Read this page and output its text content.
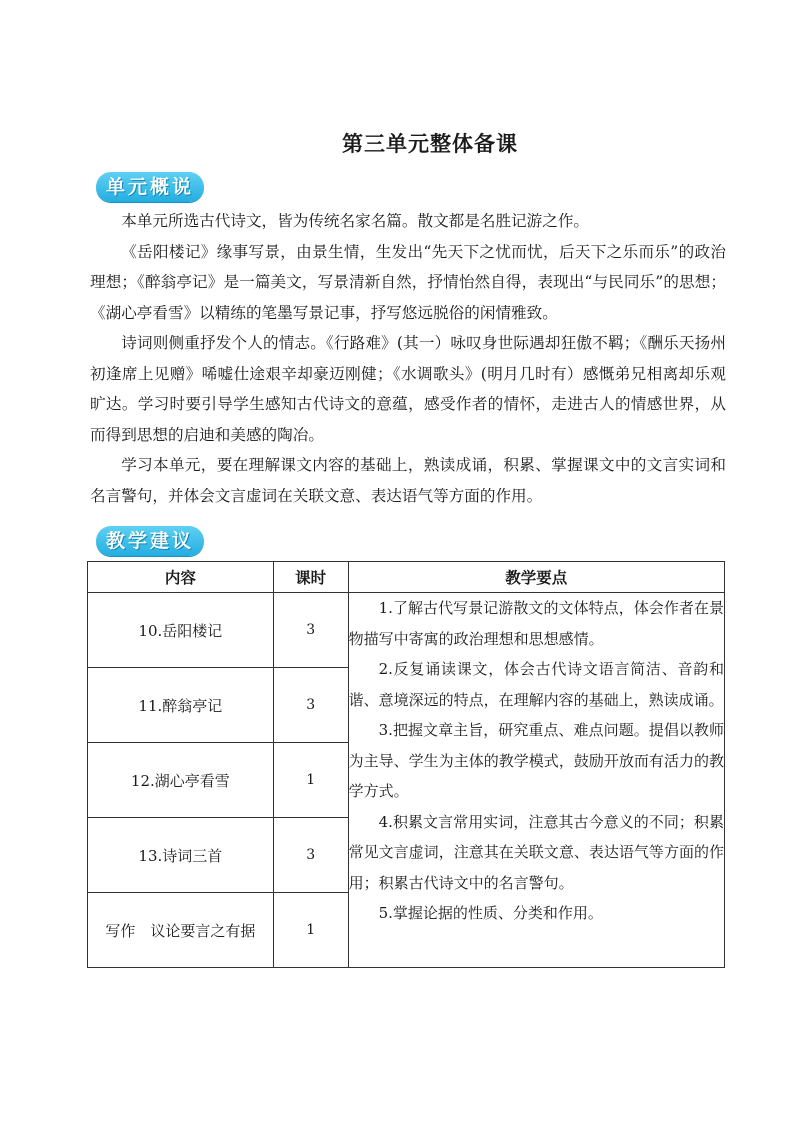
第三单元整体备课
单元概说

本单元所选古代诗文，皆为传统名家名篇。散文都是名胜记游之作。

《岳阳楼记》缘事写景，由景生情，生发出“先天下之忧而忧，后天下之乐而乐”的政治理想；《醉翁亭记》是一篇美文，写景清新自然，抒情怡然自得，表现出“与民同乐”的思想；《湖心亭看雪》以精练的笔墨写景记事，抒写悠远脱俗的闲情雅致。

诗词则侧重抒发个人的情志。《行路难》(其一）咏叹身世际遇却狂傲不羁；《酬乐天扬州初逢席上见赠》唏嘘仕途艰辛却豪迈刚健；《水调歌头》(明月几时有）感慨弟兄相离却乐观旷达。学习时要引导学生感知古代诗文的意蕴，感受作者的情怀，走进古人的情感世界，从而得到思想的启迪和美感的陶冶。

学习本单元，要在理解课文内容的基础上，熟读成诵，积累、掌握课文中的文言实词和名言警句，并体会文言虚词在关联文意、表达语气等方面的作用。

教学建议
内容	课时	教学要点
10.岳阳楼记	3	1.了解古代写景记游散文的文体特点，体会作者在景物描写中寄寓的政治理想和思想感情。

2.反复诵读课文，体会古代诗文语言简洁、音韵和谐、意境深远的特点，在理解内容的基础上，熟读成诵。

3.把握文章主旨，研究重点、难点问题。提倡以教师为主导、学生为主体的教学模式，鼓励开放而有活力的教学方式。

4.积累文言常用实词，注意其古今意义的不同；积累常见文言虚词，注意其在关联文意、表达语气等方面的作用；积累古代诗文中的名言警句。

5.掌握论据的性质、分类和作用。

11.醉翁亭记	3	
12.湖心亭看雪	1	
13.诗词三首	3	
写作　议论要言之有据	1	
